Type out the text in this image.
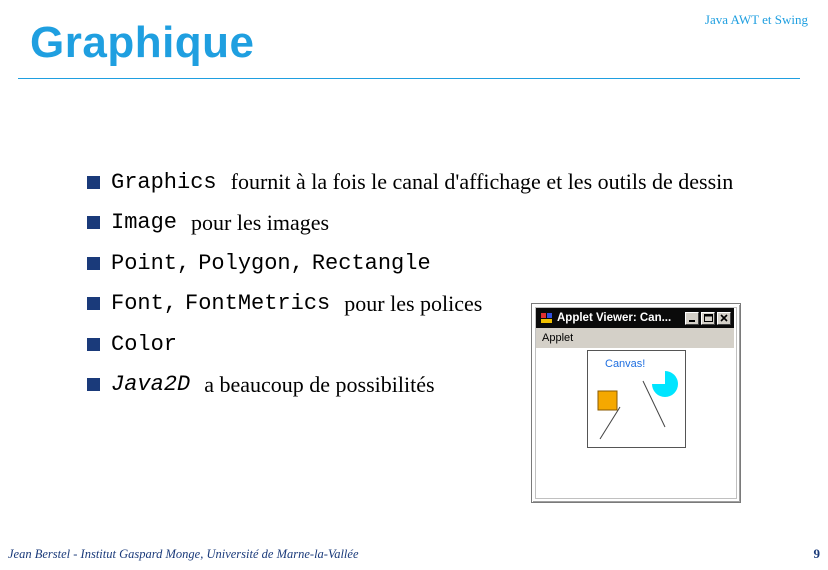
Graphique	Java AWT et Swing
Graphics fournit à la fois le canal d'affichage et les outils de dessin
Image pour les images
Point , Polygon , Rectangle
Font , FontMetrics pour les polices
Color
Java2D a beaucoup de possibilités
Applet Viewer: Can...
Applet
Canvas!
Jean Berstel - Institut Gaspard Monge, Université de Marne-la-Vallée	9
